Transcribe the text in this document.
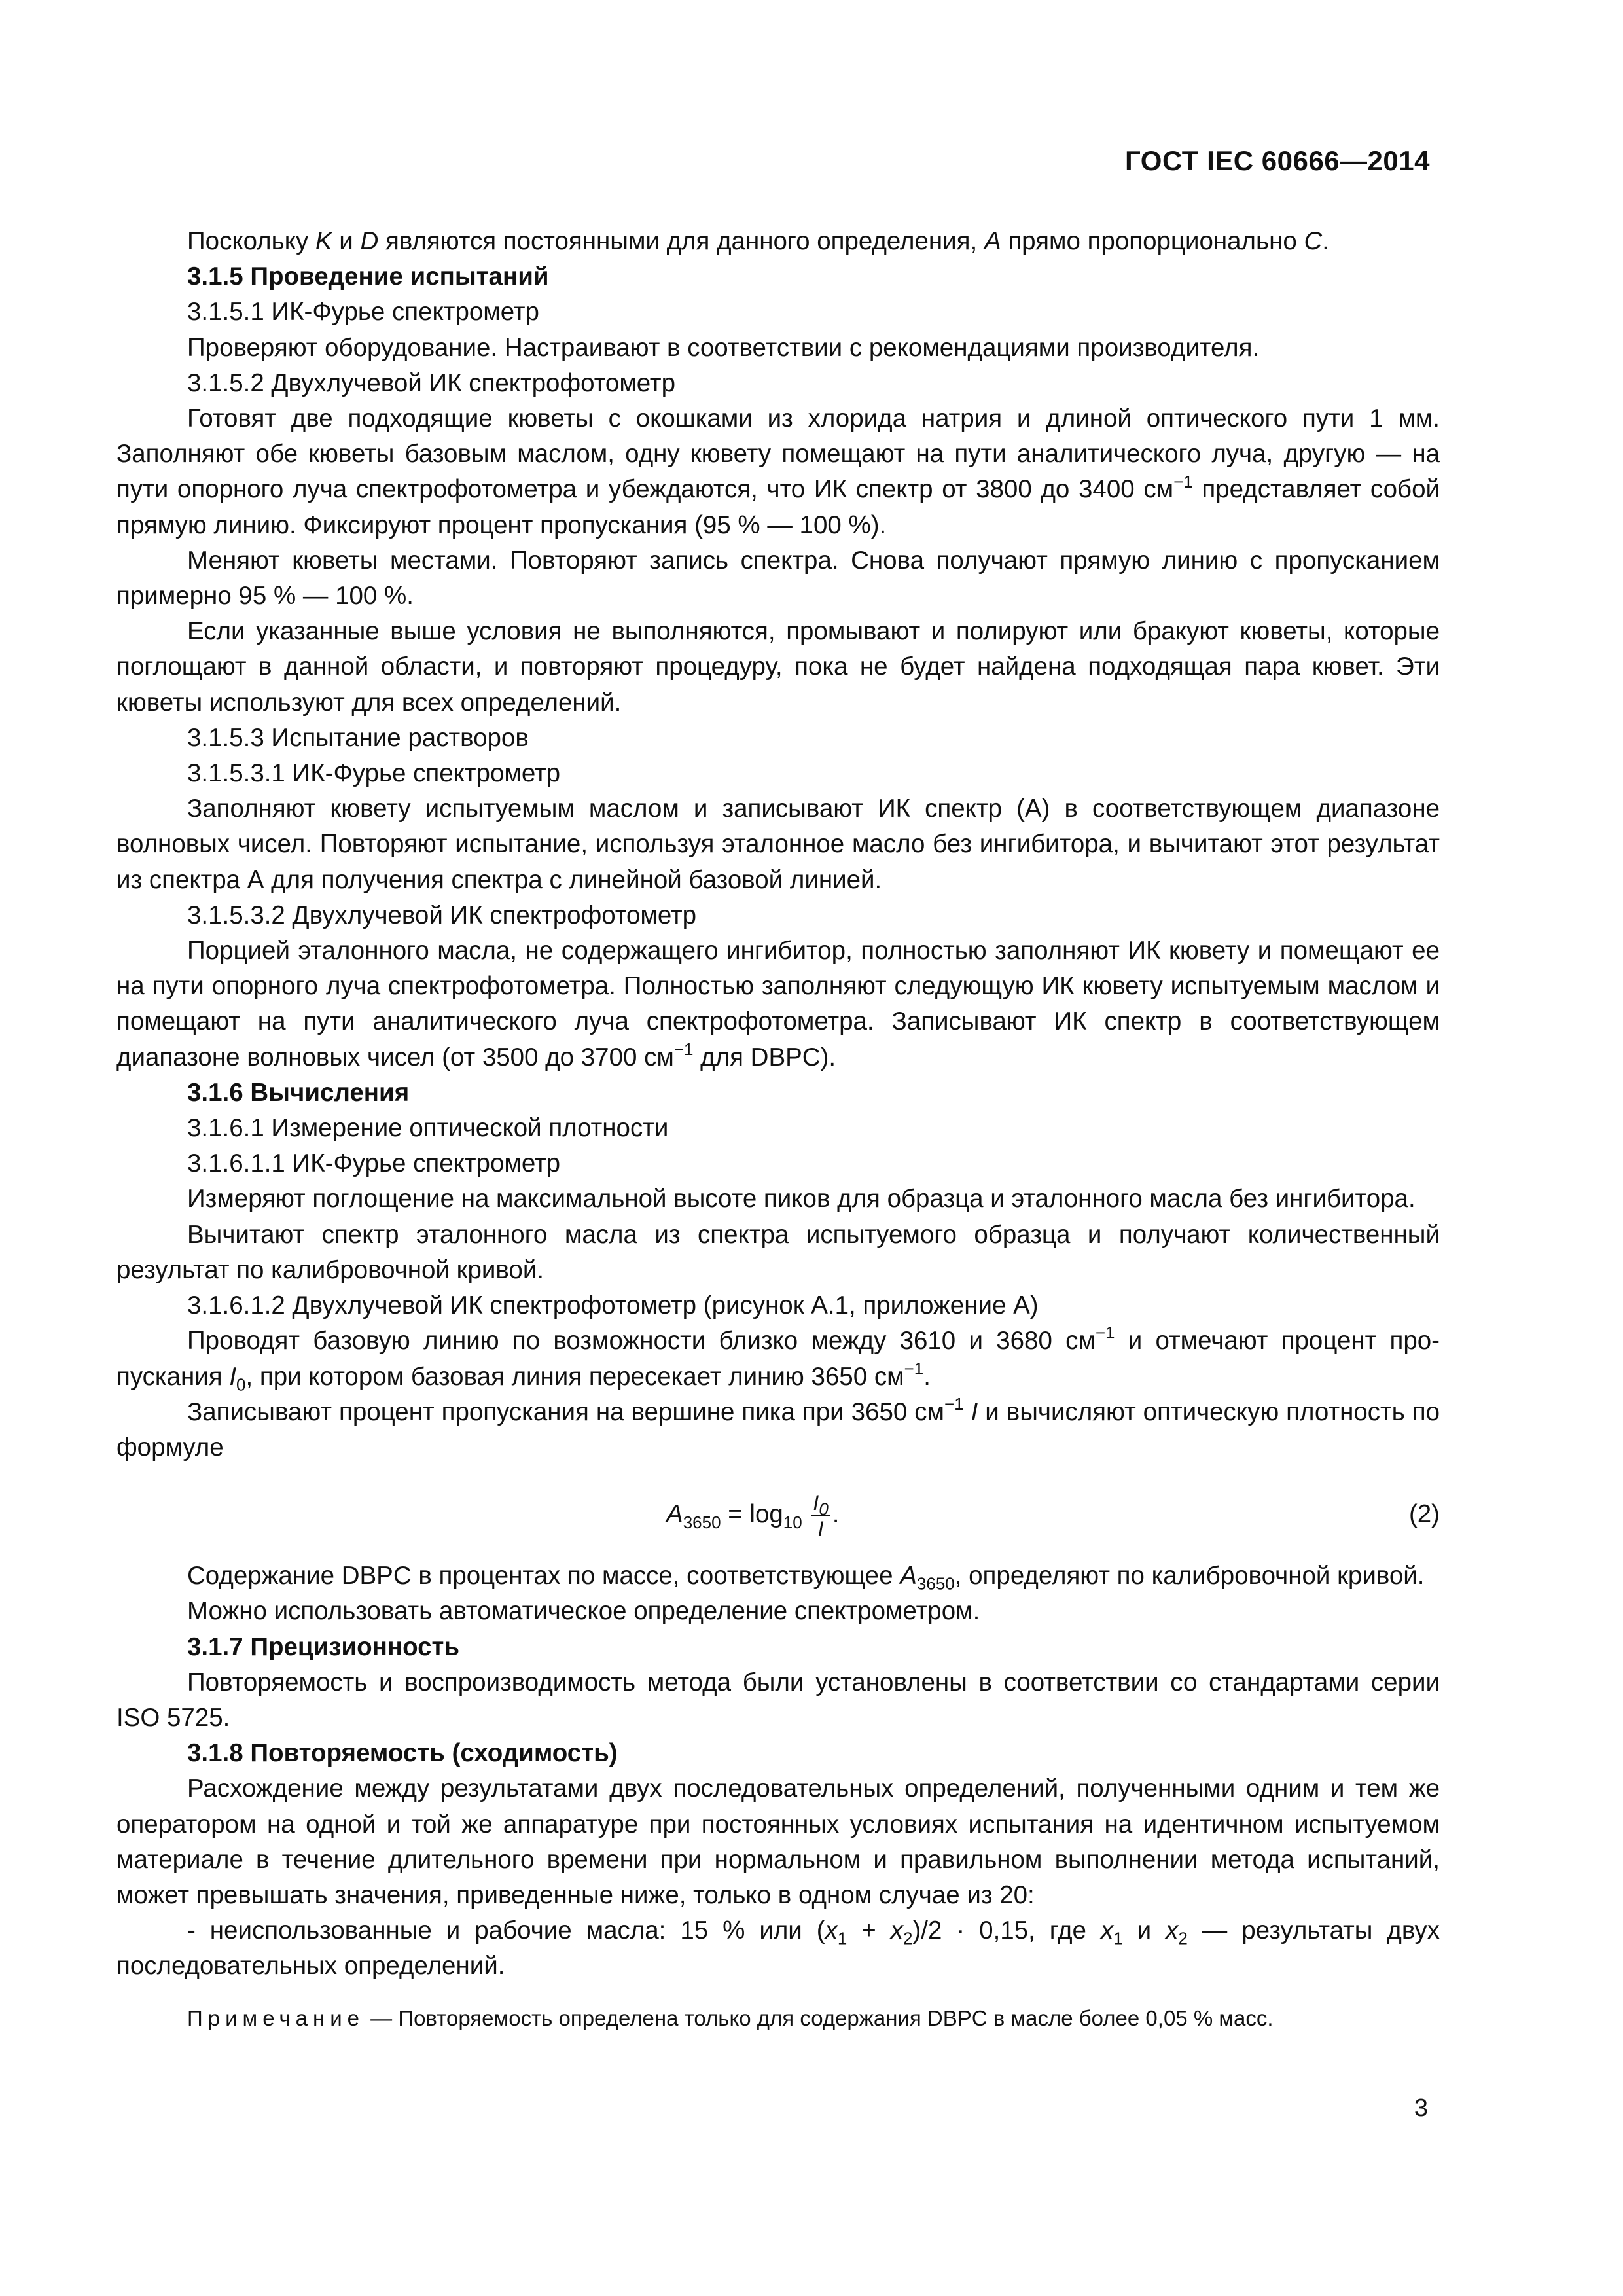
ГОСТ IEC 60666—2014

Поскольку K и D являются постоянными для данного определения, A прямо пропорционально C.

3.1.5 Проведение испытаний

3.1.5.1 ИК-Фурье спектрометр

Проверяют оборудование. Настраивают в соответствии с рекомендациями производителя.

3.1.5.2 Двухлучевой ИК спектрофотометр

Готовят две подходящие кюветы с окошками из хлорида натрия и длиной оптического пути 1 мм. Заполняют обе кюветы базовым маслом, одну кювету помещают на пути аналитического луча, другую — на пути опорного луча спектрофотометра и убеждаются, что ИК спектр от 3800 до 3400 $см^{-1}$ представляет собой прямую линию. Фиксируют процент пропускания (95 % — 100 %).

Меняют кюветы местами. Повторяют запись спектра. Снова получают прямую линию с пропусканием примерно 95 % — 100 %.

Если указанные выше условия не выполняются, промывают и полируют или бракуют кюветы, которые поглощают в данной области, и повторяют процедуру, пока не будет найдена подходящая пара кювет. Эти кюветы используют для всех определений.

3.1.5.3 Испытание растворов

3.1.5.3.1 ИК-Фурье спектрометр

Заполняют кювету испытуемым маслом и записывают ИК спектр (А) в соответствующем диапазоне волновых чисел. Повторяют испытание, используя эталонное масло без ингибитора, и вычитают этот результат из спектра А для получения спектра с линейной базовой линией.

3.1.5.3.2 Двухлучевой ИК спектрофотометр

Порцией эталонного масла, не содержащего ингибитор, полностью заполняют ИК кювету и помещают ее на пути опорного луча спектрофотометра. Полностью заполняют следующую ИК кювету испытуемым маслом и помещают на пути аналитического луча спектрофотометра. Записывают ИК спектр в соответствующем диапазоне волновых чисел (от 3500 до 3700 $см^{-1}$ для DBPC).

3.1.6 Вычисления

3.1.6.1 Измерение оптической плотности

3.1.6.1.1 ИК-Фурье спектрометр

Измеряют поглощение на максимальной высоте пиков для образца и эталонного масла без ингибитора.

Вычитают спектр эталонного масла из спектра испытуемого образца и получают количественный результат по калибровочной кривой.

3.1.6.1.2 Двухлучевой ИК спектрофотометр (рисунок А.1, приложение А)

Проводят базовую линию по возможности близко между 3610 и 3680 $см^{-1}$ и отмечают процент пропускания $I_0$, при котором базовая линия пересекает линию 3650 $см^{-1}$.

Записывают процент пропускания на вершине пика при 3650 $см^{-1}$ I и вычисляют оптическую плотность по формуле

$A_{3650} = \log_{10} \frac{I_0}{I}$ .	(2)

Содержание DBPC в процентах по массе, соответствующее $A_{3650}$, определяют по калибровочной кривой.

Можно использовать автоматическое определение спектрометром.

3.1.7 Прецизионность

Повторяемость и воспроизводимость метода были установлены в соответствии со стандартами серии ISO 5725.

3.1.8 Повторяемость (сходимость)

Расхождение между результатами двух последовательных определений, полученными одним и тем же оператором на одной и той же аппаратуре при постоянных условиях испытания на идентичном испытуемом материале в течение длительного времени при нормальном и правильном выполнении метода испытаний, может превышать значения, приведенные ниже, только в одном случае из 20:

- неиспользованные и рабочие масла: 15 % или $(x_1 + x_2)/2 \cdot 0,15$, где $x_1$ и $x_2$ — результаты двух последовательных определений.

Примечание — Повторяемость определена только для содержания DBPC в масле более 0,05 % масс.

3
